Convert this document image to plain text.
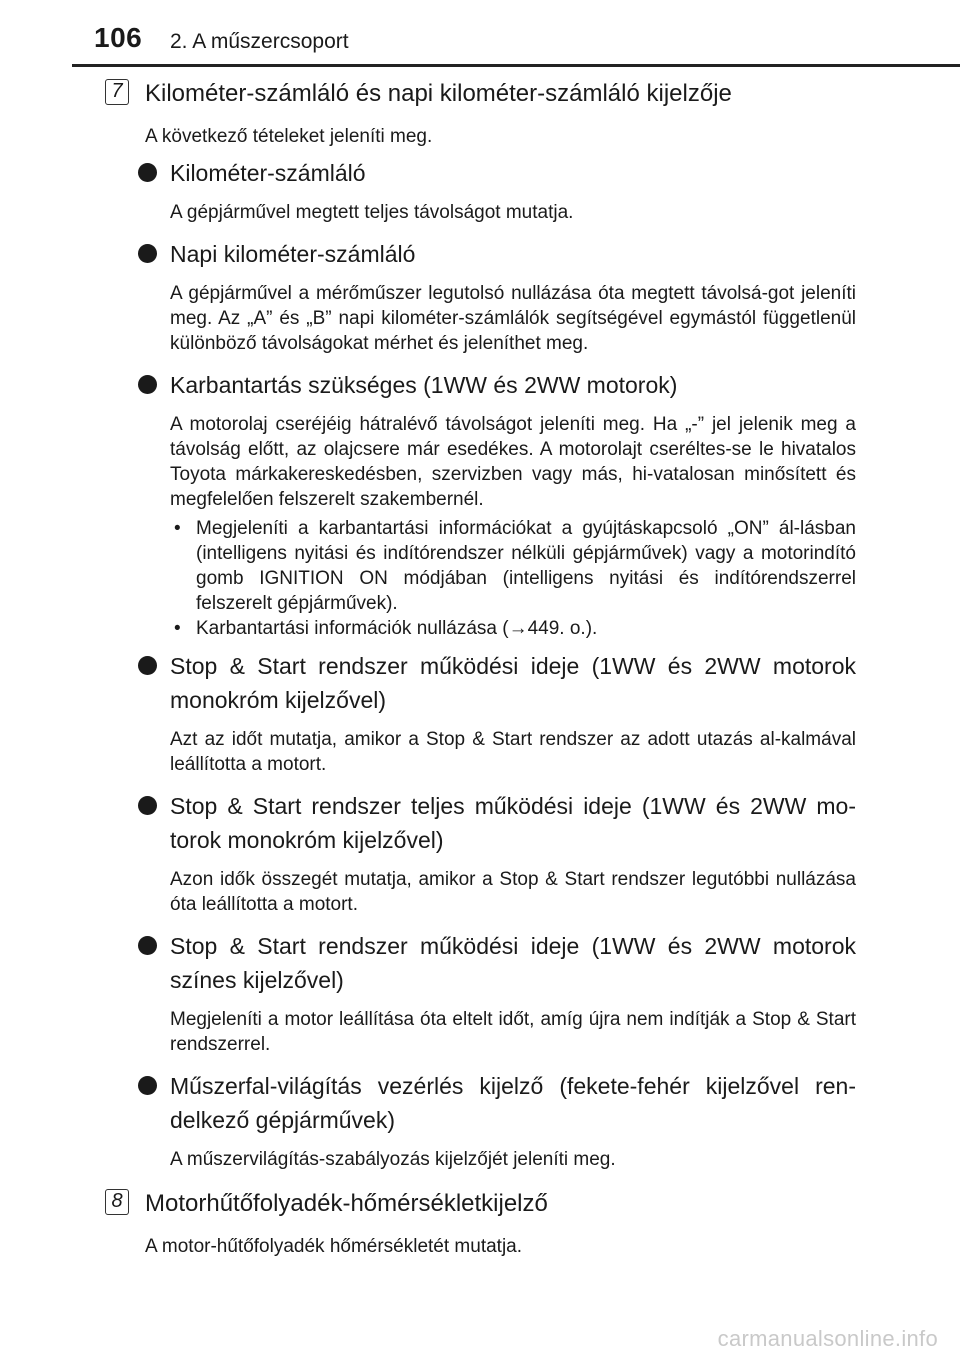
106 2. A műszercsoport
7 Kilométer-számláló és napi kilométer-számláló kijelzője
A következő tételeket jeleníti meg.
Kilométer-számláló
A gépjárművel megtett teljes távolságot mutatja.
Napi kilométer-számláló
A gépjárművel a mérőműszer legutolsó nullázása óta megtett távolsá-got jeleníti meg. Az „A” és „B” napi kilométer-számlálók segítségével egymástól függetlenül különböző távolságokat mérhet és jeleníthet meg.
Karbantartás szükséges (1WW és 2WW motorok)
A motorolaj cseréjéig hátralévő távolságot jeleníti meg. Ha „-” jel jelenik meg a távolság előtt, az olajcsere már esedékes. A motorolajt cseréltes-se le hivatalos Toyota márkakereskedésben, szervizben vagy más, hi-vatalosan minősített és megfelelően felszerelt szakembernél.
• Megjeleníti a karbantartási információkat a gyújtáskapcsoló „ON” ál-lásban (intelligens nyitási és indítórendszer nélküli gépjárművek) vagy a motorindító gomb IGNITION ON módjában (intelligens nyitási és indítórendszerrel felszerelt gépjárművek).
• Karbantartási információk nullázása (→449. o.).
Stop & Start rendszer működési ideje (1WW és 2WW motorok monokróm kijelzővel)
Azt az időt mutatja, amikor a Stop & Start rendszer az adott utazás al-kalmával leállította a motort.
Stop & Start rendszer teljes működési ideje (1WW és 2WW mo-torok monokróm kijelzővel)
Azon idők összegét mutatja, amikor a Stop & Start rendszer legutóbbi nullázása óta leállította a motort.
Stop & Start rendszer működési ideje (1WW és 2WW motorok színes kijelzővel)
Megjeleníti a motor leállítása óta eltelt időt, amíg újra nem indítják a Stop & Start rendszerrel.
Műszerfal-világítás vezérlés kijelző (fekete-fehér kijelzővel ren-delkező gépjárművek)
A műszervilágítás-szabályozás kijelzőjét jeleníti meg.
8 Motorhűtőfolyadék-hőmérsékletkijelző
A motor-hűtőfolyadék hőmérsékletét mutatja.
carmanualsonline.info
